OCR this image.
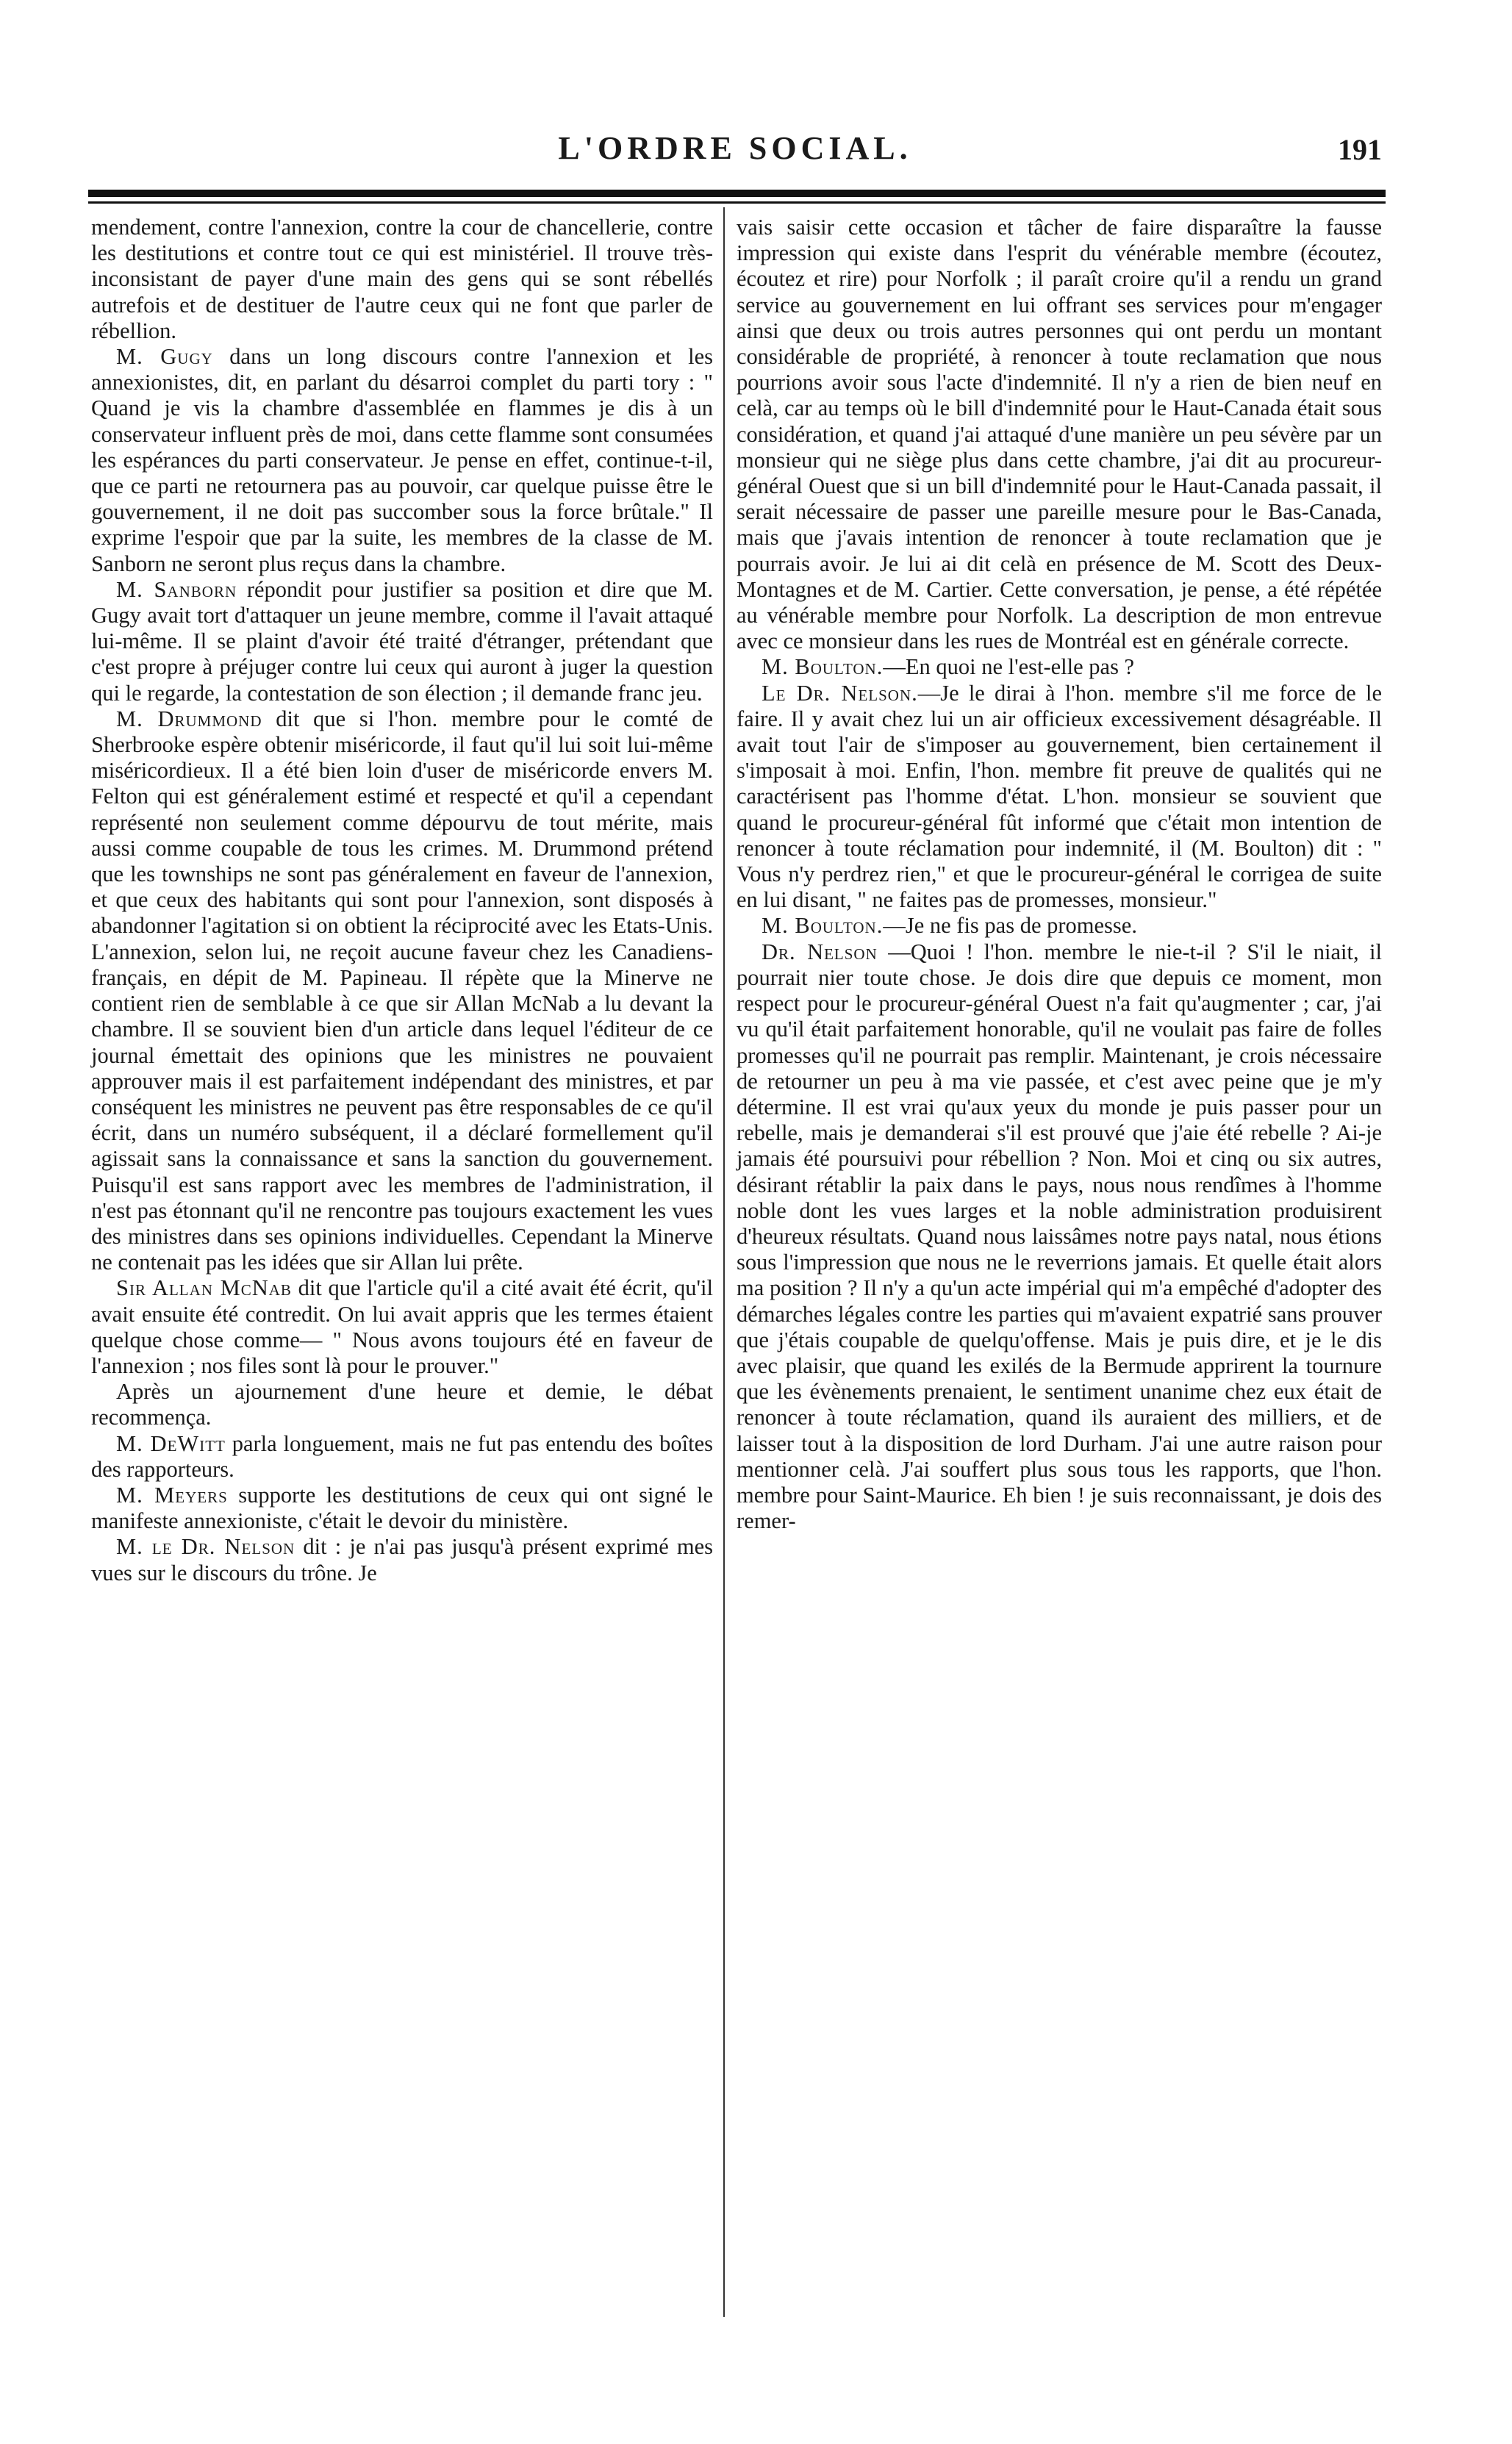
L'ORDRE SOCIAL.	191

mendement, contre l'annexion, contre la cour de chancellerie, contre les destitutions et contre tout ce qui est ministériel. Il trouve très-inconsistant de payer d'une main des gens qui se sont rébellés autrefois et de destituer de l'autre ceux qui ne font que parler de rébellion.

M. Gugy dans un long discours contre l'annexion et les annexionistes, dit, en parlant du désarroi complet du parti tory : " Quand je vis la chambre d'assemblée en flammes je dis à un conservateur influent près de moi, dans cette flamme sont consumées les espérances du parti conservateur. Je pense en effet, continue-t-il, que ce parti ne retournera pas au pouvoir, car quelque puisse être le gouvernement, il ne doit pas succomber sous la force brûtale." Il exprime l'espoir que par la suite, les membres de la classe de M. Sanborn ne seront plus reçus dans la chambre.

M. Sanborn répondit pour justifier sa position et dire que M. Gugy avait tort d'attaquer un jeune membre, comme il l'avait attaqué lui-même. Il se plaint d'avoir été traité d'étranger, prétendant que c'est propre à préjuger contre lui ceux qui auront à juger la question qui le regarde, la contestation de son élection ; il demande franc jeu.

M. Drummond dit que si l'hon. membre pour le comté de Sherbrooke espère obtenir miséricorde, il faut qu'il lui soit lui-même miséricordieux. Il a été bien loin d'user de miséricorde envers M. Felton qui est généralement estimé et respecté et qu'il a cependant représenté non seulement comme dépourvu de tout mérite, mais aussi comme coupable de tous les crimes. M. Drummond prétend que les townships ne sont pas généralement en faveur de l'annexion, et que ceux des habitants qui sont pour l'annexion, sont disposés à abandonner l'agitation si on obtient la réciprocité avec les Etats-Unis. L'annexion, selon lui, ne reçoit aucune faveur chez les Canadiens-français, en dépit de M. Papineau. Il répète que la Minerve ne contient rien de semblable à ce que sir Allan McNab a lu devant la chambre. Il se souvient bien d'un article dans lequel l'éditeur de ce journal émettait des opinions que les ministres ne pouvaient approuver mais il est parfaitement indépendant des ministres, et par conséquent les ministres ne peuvent pas être responsables de ce qu'il écrit, dans un numéro subséquent, il a déclaré formellement qu'il agissait sans la connaissance et sans la sanction du gouvernement. Puisqu'il est sans rapport avec les membres de l'administration, il n'est pas étonnant qu'il ne rencontre pas toujours exactement les vues des ministres dans ses opinions individuelles. Cependant la Minerve ne contenait pas les idées que sir Allan lui prête.

Sir Allan McNab dit que l'article qu'il a cité avait été écrit, qu'il avait ensuite été contredit. On lui avait appris que les termes étaient quelque chose comme— " Nous avons toujours été en faveur de l'annexion ; nos files sont là pour le prouver."

Après un ajournement d'une heure et demie, le débat recommença.

M. DeWitt parla longuement, mais ne fut pas entendu des boîtes des rapporteurs.

M. Meyers supporte les destitutions de ceux qui ont signé le manifeste annexioniste, c'était le devoir du ministère.

M. le Dr. Nelson dit : je n'ai pas jusqu'à présent exprimé mes vues sur le discours du trône. Je

vais saisir cette occasion et tâcher de faire disparaître la fausse impression qui existe dans l'esprit du vénérable membre (écoutez, écoutez et rire) pour Norfolk ; il paraît croire qu'il a rendu un grand service au gouvernement en lui offrant ses services pour m'engager ainsi que deux ou trois autres personnes qui ont perdu un montant considérable de propriété, à renoncer à toute reclamation que nous pourrions avoir sous l'acte d'indemnité. Il n'y a rien de bien neuf en celà, car au temps où le bill d'indemnité pour le Haut-Canada était sous considération, et quand j'ai attaqué d'une manière un peu sévère par un monsieur qui ne siège plus dans cette chambre, j'ai dit au procureur-général Ouest que si un bill d'indemnité pour le Haut-Canada passait, il serait nécessaire de passer une pareille mesure pour le Bas-Canada, mais que j'avais intention de renoncer à toute reclamation que je pourrais avoir. Je lui ai dit celà en présence de M. Scott des Deux-Montagnes et de M. Cartier. Cette conversation, je pense, a été répétée au vénérable membre pour Norfolk. La description de mon entrevue avec ce monsieur dans les rues de Montréal est en générale correcte.

M. Boulton.—En quoi ne l'est-elle pas ?

Le Dr. Nelson.—Je le dirai à l'hon. membre s'il me force de le faire. Il y avait chez lui un air officieux excessivement désagréable. Il avait tout l'air de s'imposer au gouvernement, bien certainement il s'imposait à moi. Enfin, l'hon. membre fit preuve de qualités qui ne caractérisent pas l'homme d'état. L'hon. monsieur se souvient que quand le procureur-général fût informé que c'était mon intention de renoncer à toute réclamation pour indemnité, il (M. Boulton) dit : " Vous n'y perdrez rien," et que le procureur-général le corrigea de suite en lui disant, " ne faites pas de promesses, monsieur."

M. Boulton.—Je ne fis pas de promesse.

Dr. Nelson —Quoi ! l'hon. membre le nie-t-il ? S'il le niait, il pourrait nier toute chose. Je dois dire que depuis ce moment, mon respect pour le procureur-général Ouest n'a fait qu'augmenter ; car, j'ai vu qu'il était parfaitement honorable, qu'il ne voulait pas faire de folles promesses qu'il ne pourrait pas remplir. Maintenant, je crois nécessaire de retourner un peu à ma vie passée, et c'est avec peine que je m'y détermine. Il est vrai qu'aux yeux du monde je puis passer pour un rebelle, mais je demanderai s'il est prouvé que j'aie été rebelle ? Ai-je jamais été poursuivi pour rébellion ? Non. Moi et cinq ou six autres, désirant rétablir la paix dans le pays, nous nous rendîmes à l'homme noble dont les vues larges et la noble administration produisirent d'heureux résultats. Quand nous laissâmes notre pays natal, nous étions sous l'impression que nous ne le reverrions jamais. Et quelle était alors ma position ? Il n'y a qu'un acte impérial qui m'a empêché d'adopter des démarches légales contre les parties qui m'avaient expatrié sans prouver que j'étais coupable de quelqu'offense. Mais je puis dire, et je le dis avec plaisir, que quand les exilés de la Bermude apprirent la tournure que les évènements prenaient, le sentiment unanime chez eux était de renoncer à toute réclamation, quand ils auraient des milliers, et de laisser tout à la disposition de lord Durham. J'ai une autre raison pour mentionner celà. J'ai souffert plus sous tous les rapports, que l'hon. membre pour Saint-Maurice. Eh bien ! je suis reconnaissant, je dois des remer-
